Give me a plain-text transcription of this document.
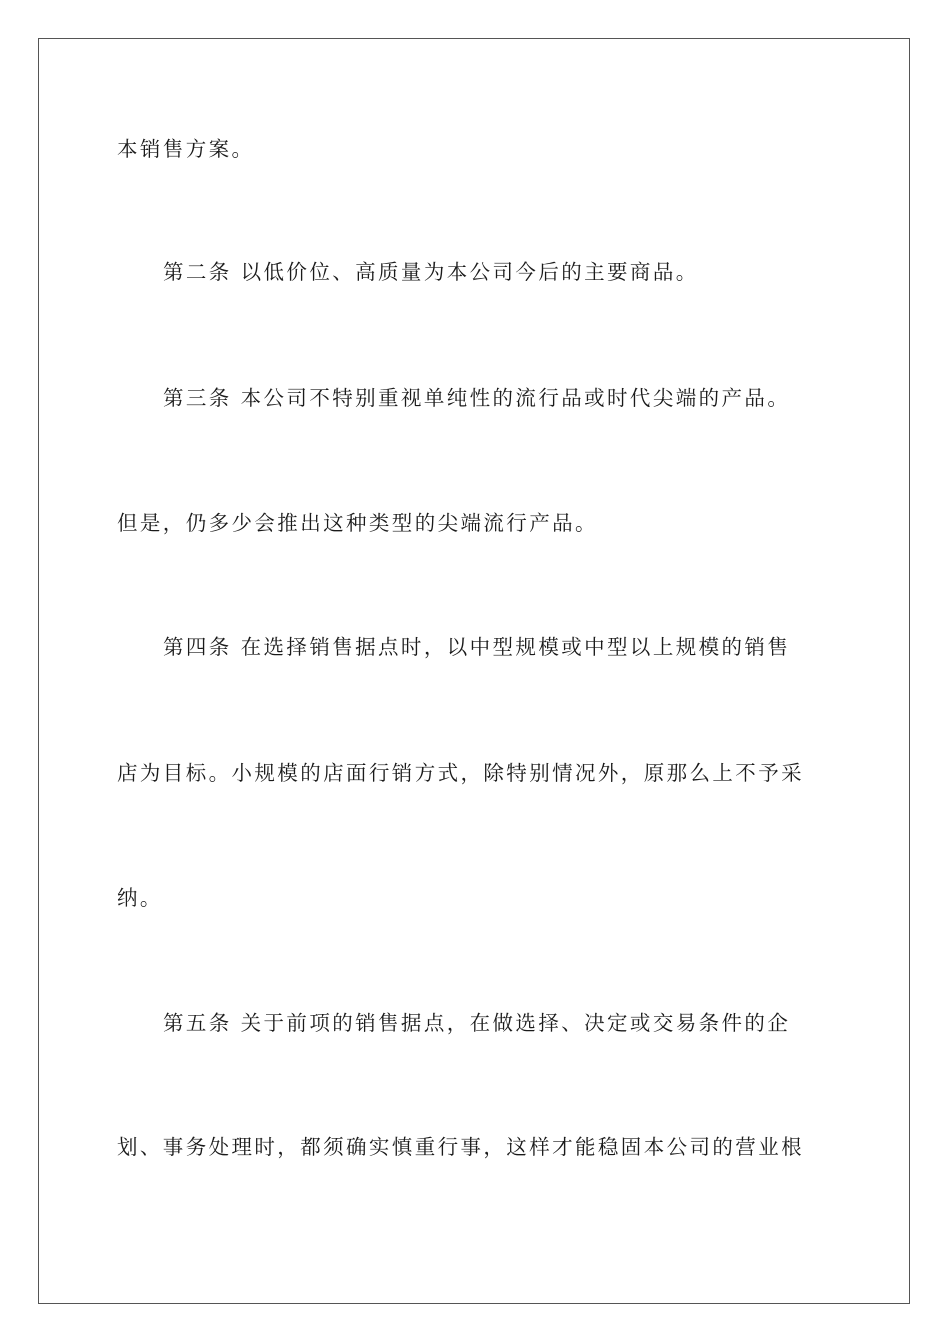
本销售方案。
第二条 以低价位、高质量为本公司今后的主要商品。
第三条 本公司不特别重视单纯性的流行品或时代尖端的产品。
但是，仍多少会推出这种类型的尖端流行产品。
第四条 在选择销售据点时，以中型规模或中型以上规模的销售
店为目标。小规模的店面行销方式，除特别情况外，原那么上不予采
纳。
第五条 关于前项的销售据点，在做选择、决定或交易条件的企
划、事务处理时，都须确实慎重行事，这样才能稳固本公司的营业根
